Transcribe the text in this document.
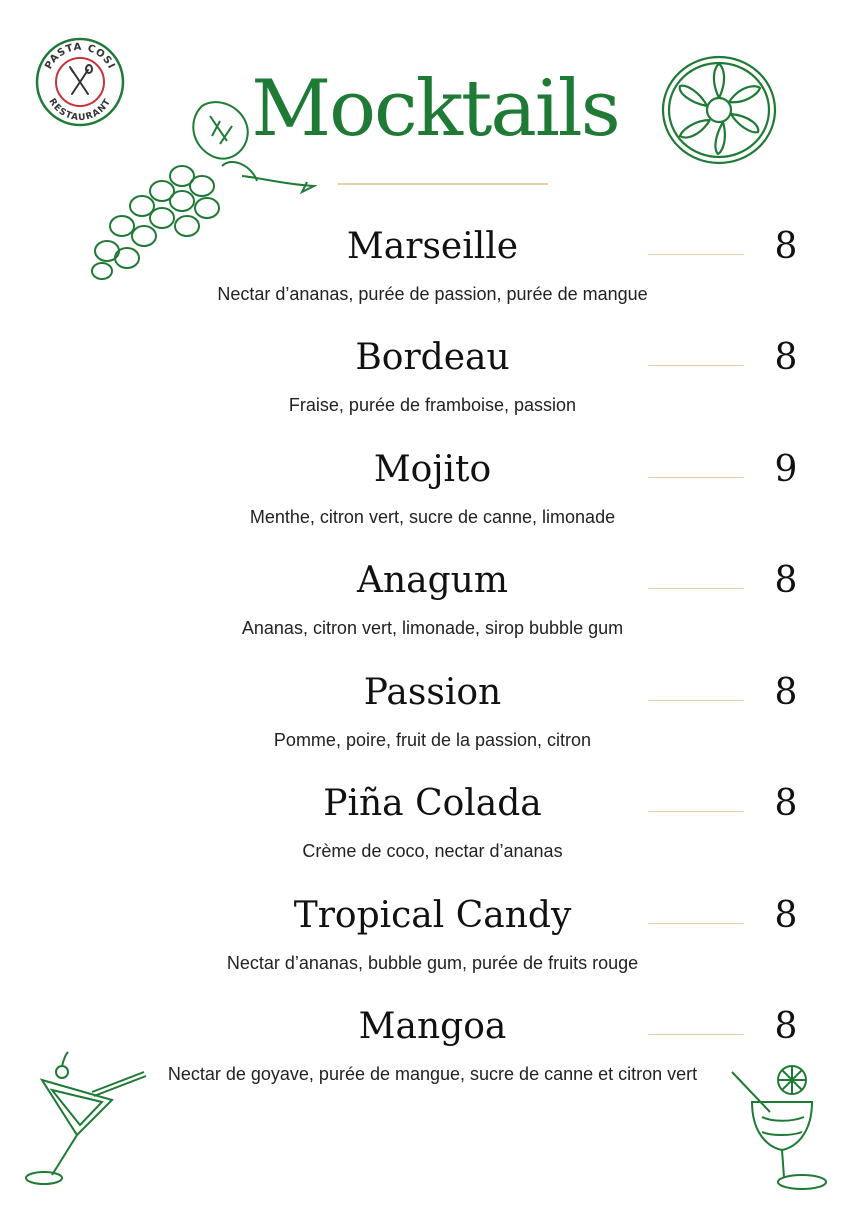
PASTA COSI
RESTAURANT Mocktails
Marseille	8
Nectar d’ananas, purée de passion, purée de mangue
Bordeau	8
Fraise, purée de framboise, passion
Mojito	9
Menthe, citron vert, sucre de canne, limonade
Anagum	8
Ananas, citron vert, limonade, sirop bubble gum
Passion	8
Pomme, poire, fruit de la passion, citron
Piña Colada	8
Crème de coco, nectar d’ananas
Tropical Candy	8
Nectar d’ananas, bubble gum, purée de fruits rouge
Mangoa	8
Nectar de goyave, purée de mangue, sucre de canne et citron vert
